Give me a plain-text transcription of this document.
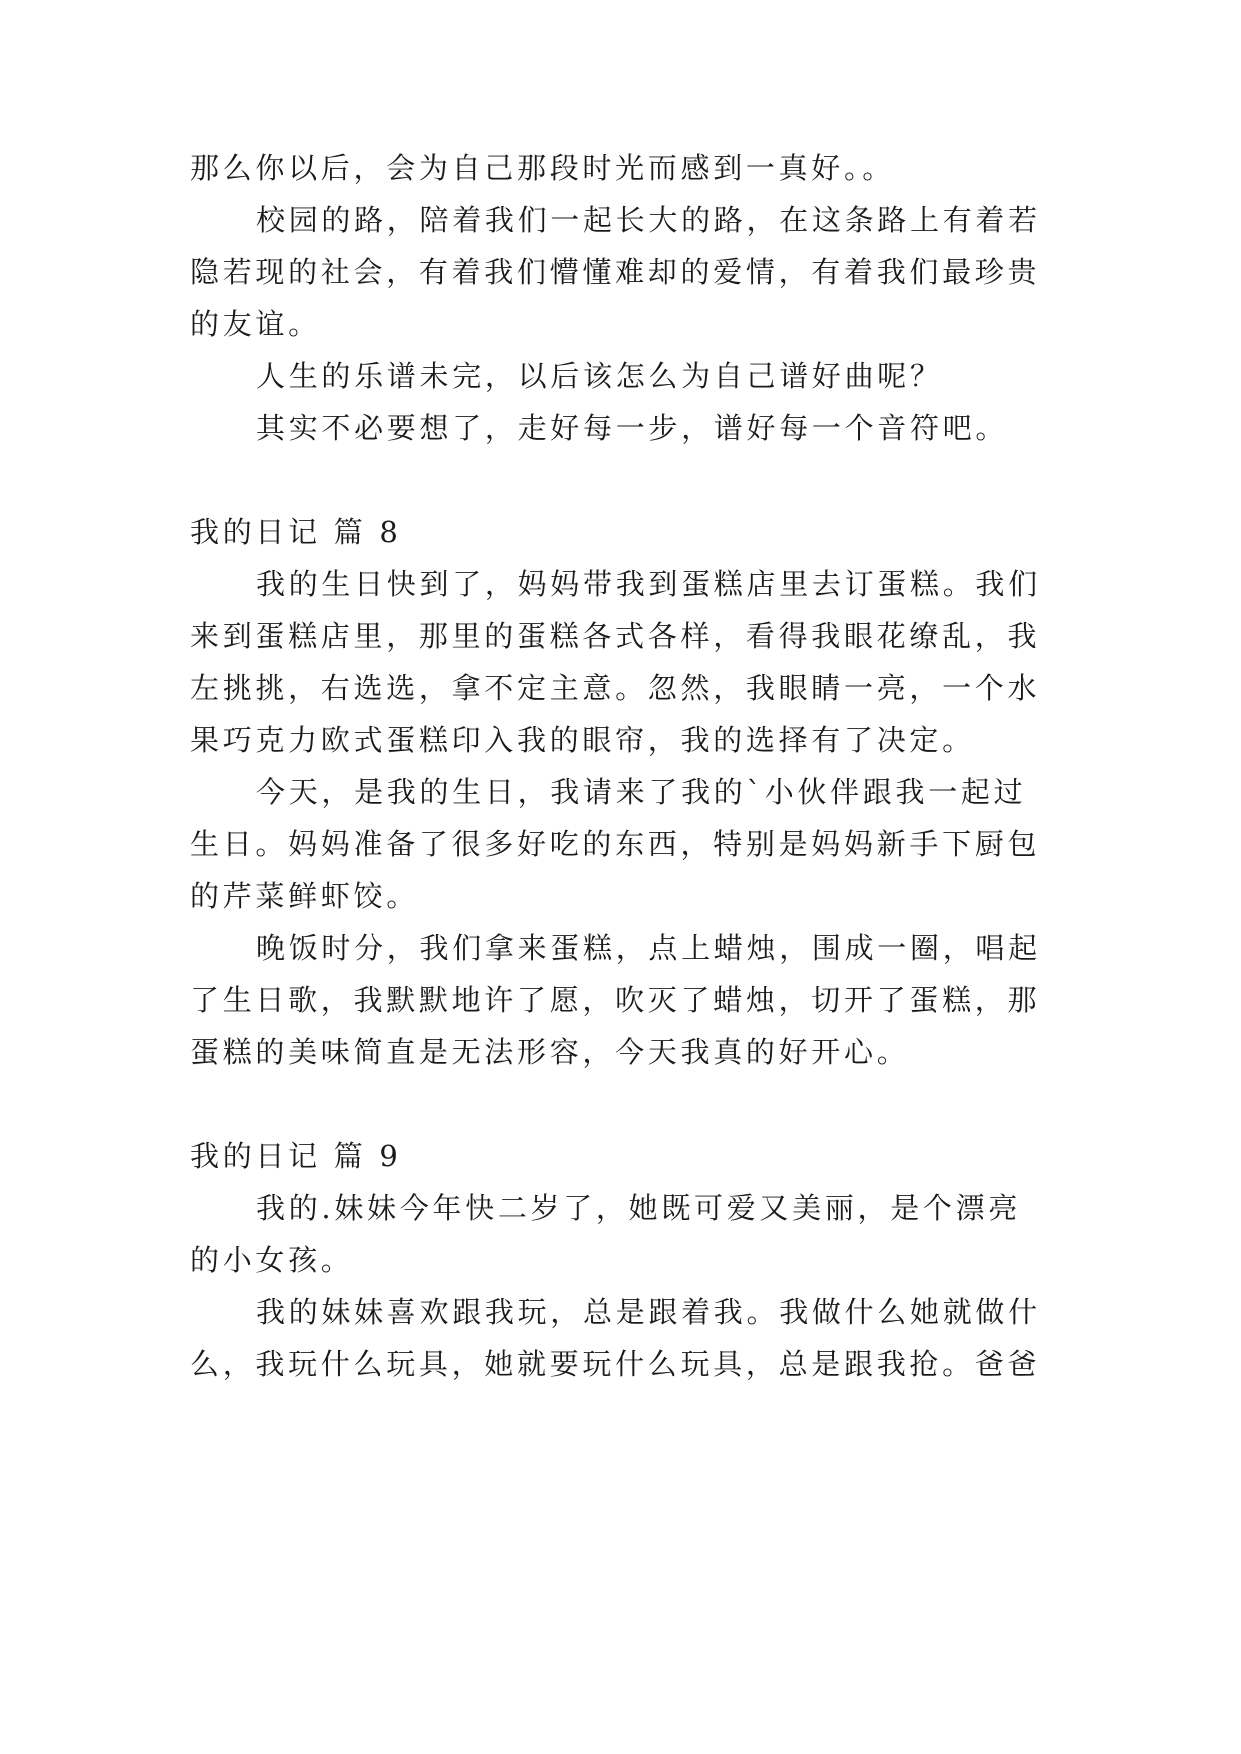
那么你以后，会为自己那段时光而感到一真好。。
校园的路，陪着我们一起长大的路，在这条路上有着若
隐若现的社会，有着我们懵懂难却的爱情，有着我们最珍贵
的友谊。
人生的乐谱未完，以后该怎么为自己谱好曲呢？
其实不必要想了，走好每一步，谱好每一个音符吧。
我的日记 篇 8
我的生日快到了，妈妈带我到蛋糕店里去订蛋糕。我们
来到蛋糕店里，那里的蛋糕各式各样，看得我眼花缭乱，我
左挑挑，右选选，拿不定主意。忽然，我眼睛一亮，一个水
果巧克力欧式蛋糕印入我的眼帘，我的选择有了决定。
今天，是我的生日，我请来了我的`小伙伴跟我一起过
生日。妈妈准备了很多好吃的东西，特别是妈妈新手下厨包
的芹菜鲜虾饺。
晚饭时分，我们拿来蛋糕，点上蜡烛，围成一圈，唱起
了生日歌，我默默地许了愿，吹灭了蜡烛，切开了蛋糕，那
蛋糕的美味简直是无法形容，今天我真的好开心。
我的日记 篇 9
我的.妹妹今年快二岁了，她既可爱又美丽，是个漂亮
的小女孩。
我的妹妹喜欢跟我玩，总是跟着我。我做什么她就做什
么，我玩什么玩具，她就要玩什么玩具，总是跟我抢。爸爸
